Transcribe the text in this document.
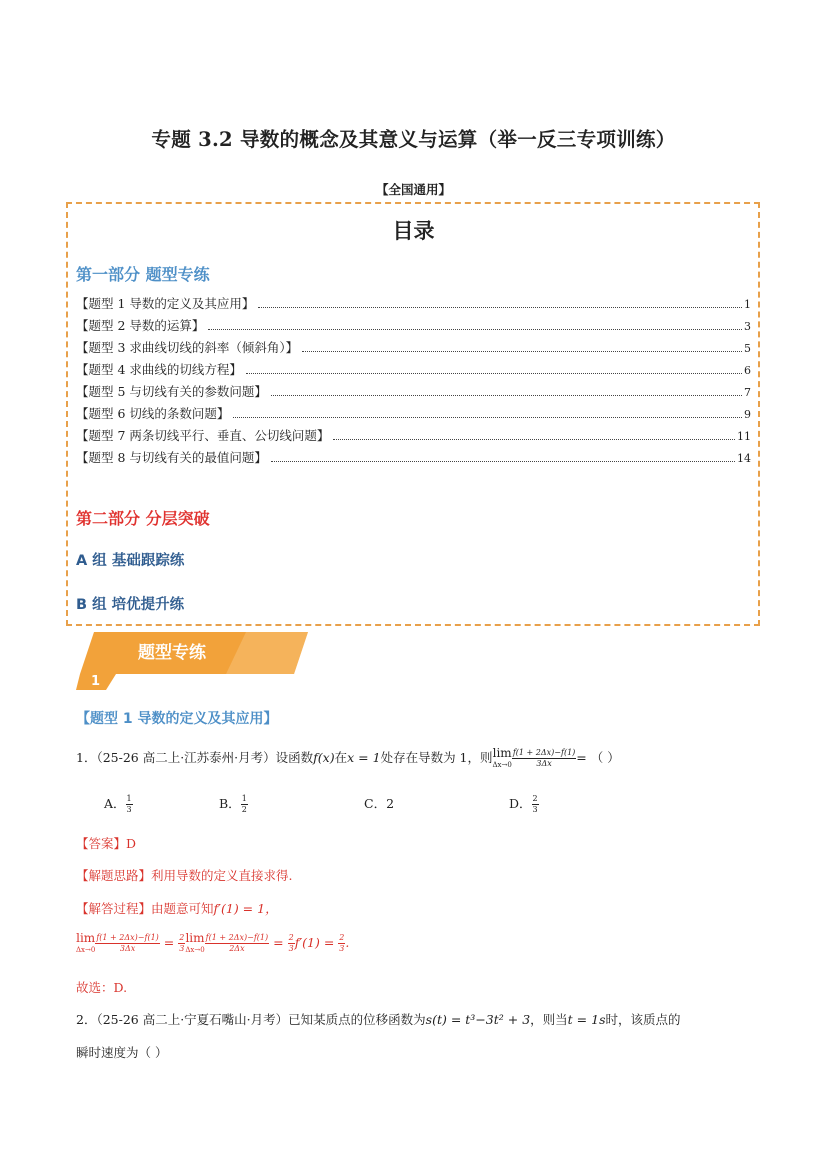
专题 3.2 导数的概念及其意义与运算（举一反三专项训练）
【全国通用】
目录
第一部分 题型专练
【题型 1 导数的定义及其应用】	1
【题型 2 导数的运算】	3
【题型 3 求曲线切线的斜率（倾斜角）】	5
【题型 4 求曲线的切线方程】	6
【题型 5 与切线有关的参数问题】	7
【题型 6 切线的条数问题】	9
【题型 7 两条切线平行、垂直、公切线问题】	11
【题型 8 与切线有关的最值问题】	14
第二部分 分层突破
A 组 基础跟踪练
B 组 培优提升练
题型专练
1
【题型 1 导数的定义及其应用】
1．（25-26 高二上·江苏泰州·月考）设函数f(x)在x = 1处存在导数为 1，则 lim
$\Delta x\to 0 \frac{f(1 + 2\Delta x)-f(1)}{3\Delta x}$ = （ ）
A． $\frac{1}{3}$	B． $\frac{1}{2}$	C．2	D． $\frac{2}{3}$
【答案】D
【解题思路】利用导数的定义直接求得.
【解答过程】由题意可知f′(1) = 1，
lim
$\Delta x\to 0 \frac{f(1 + 2\Delta x)-f(1)}{3\Delta x} = \frac{2}{3}$ lim
$\Delta x\to 0 \frac{f(1 + 2\Delta x)-f(1)}{2\Delta x} = \frac{2}{3} f'(1) = \frac{2}{3}$ .
故选：D.
2．（25-26 高二上·宁夏石嘴山·月考）已知某质点的位移函数为s(t) = t³−3t² + 3，则当t = 1s时，该质点的
瞬时速度为（ ）
